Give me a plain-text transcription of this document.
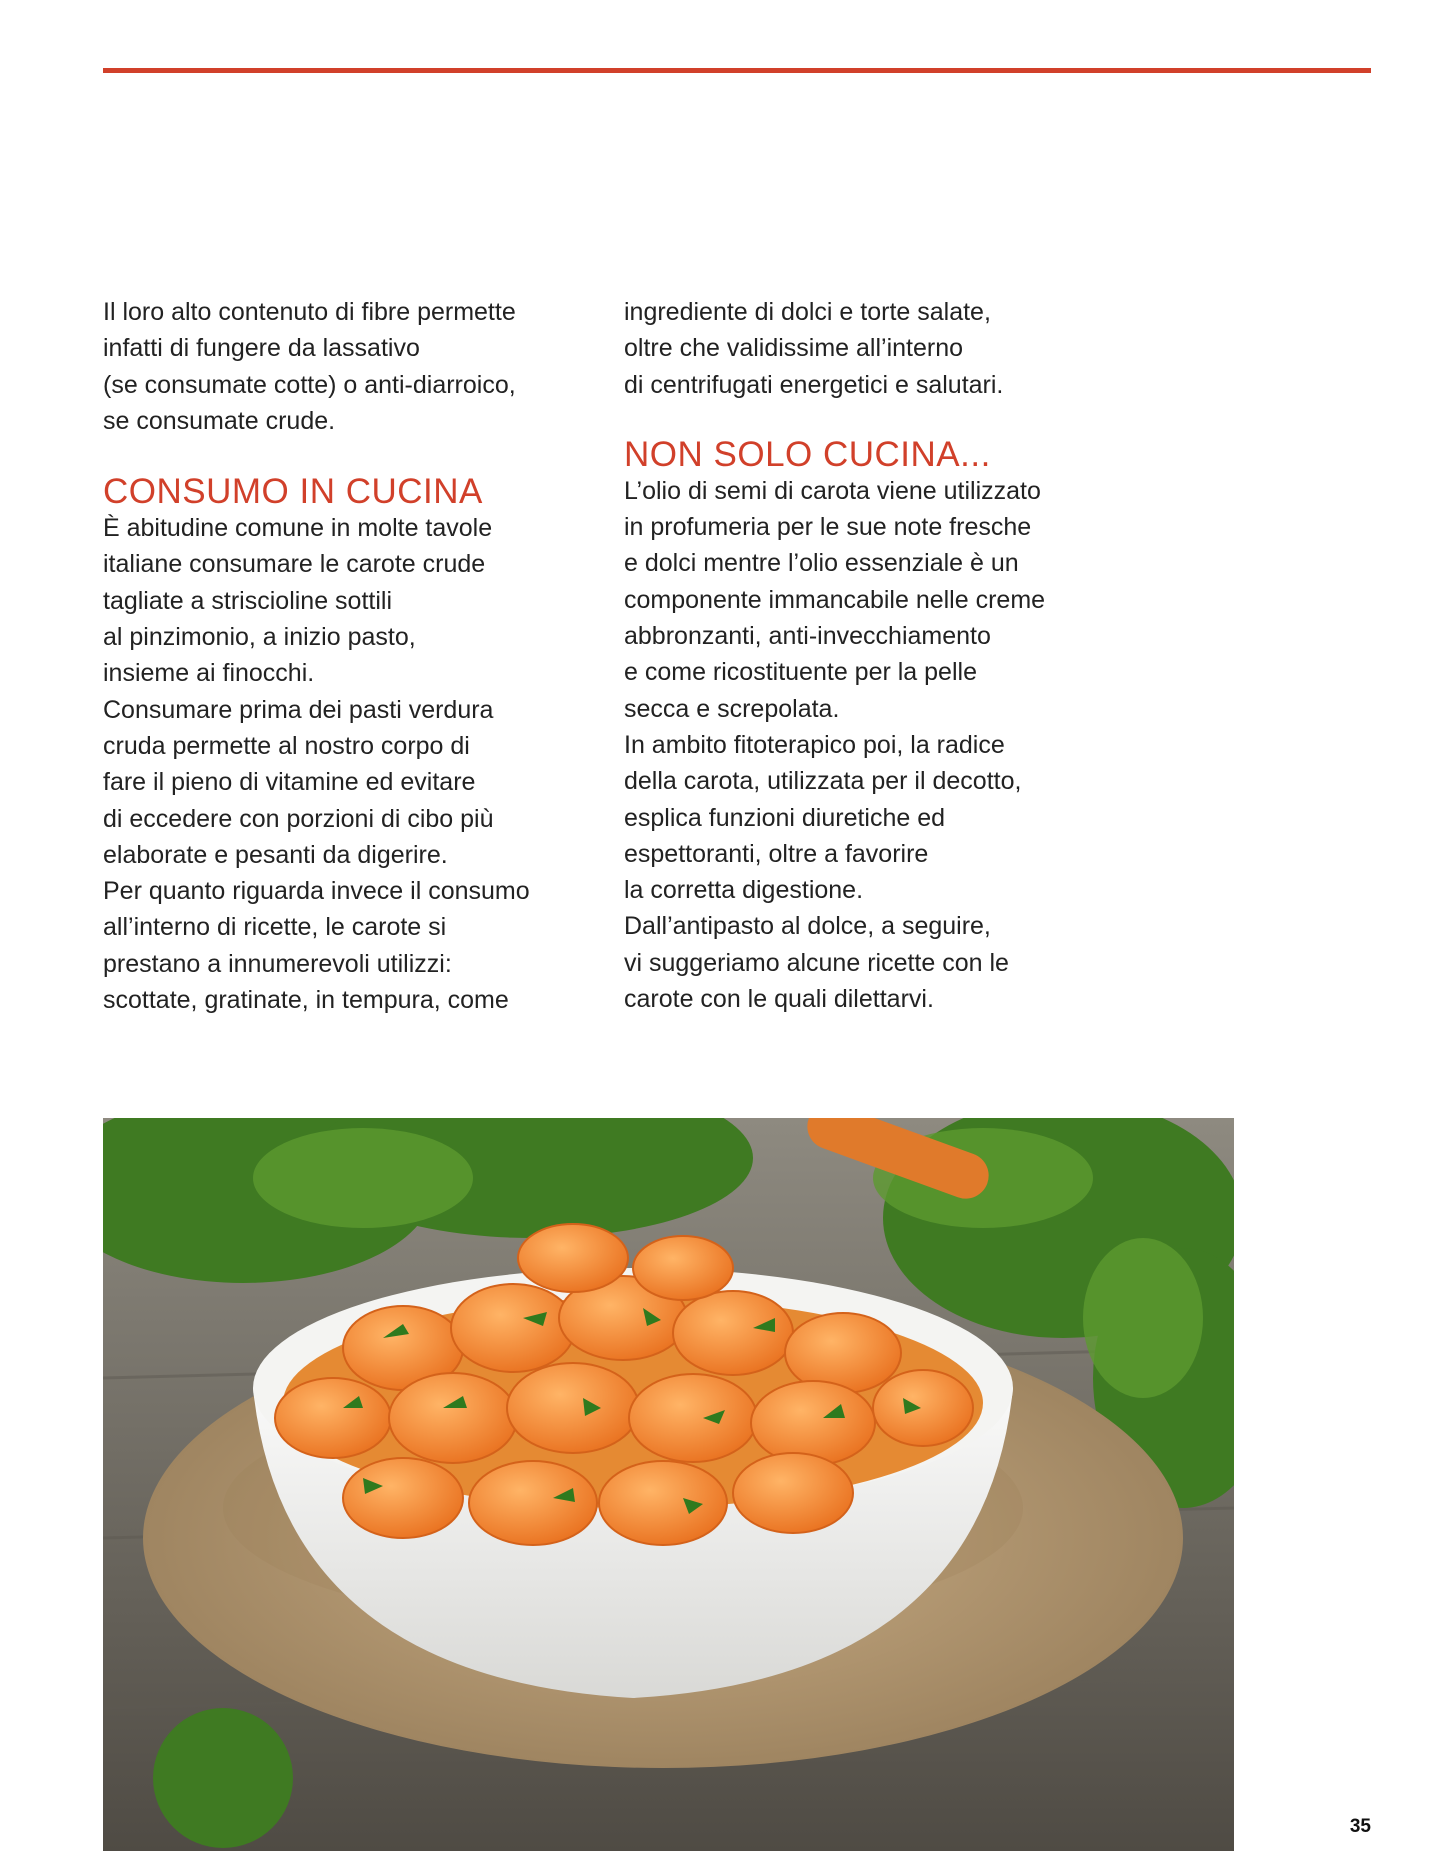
Il loro alto contenuto di fibre permette
infatti di fungere da lassativo
(se consumate cotte) o anti-diarroico,
se consumate crude.

CONSUMO IN CUCINA

È abitudine comune in molte tavole
italiane consumare le carote crude
tagliate a striscioline sottili
al pinzimonio, a inizio pasto,
insieme ai finocchi.
Consumare prima dei pasti verdura
cruda permette al nostro corpo di
fare il pieno di vitamine ed evitare
di eccedere con porzioni di cibo più
elaborate e pesanti da digerire.
Per quanto riguarda invece il consumo
all’interno di ricette, le carote si
prestano a innumerevoli utilizzi:
scottate, gratinate, in tempura, come

ingrediente di dolci e torte salate,
oltre che validissime all’interno
di centrifugati energetici e salutari.

NON SOLO CUCINA...

L’olio di semi di carota viene utilizzato
in profumeria per le sue note fresche
e dolci mentre l’olio essenziale è un
componente immancabile nelle creme
abbronzanti, anti-invecchiamento
e come ricostituente per la pelle
secca e screpolata.
In ambito fitoterapico poi, la radice
della carota, utilizzata per il decotto,
esplica funzioni diuretiche ed
espettoranti, oltre a favorire
la corretta digestione.
Dall’antipasto al dolce, a seguire,
vi suggeriamo alcune ricette con le
carote con le quali dilettarvi.

35
